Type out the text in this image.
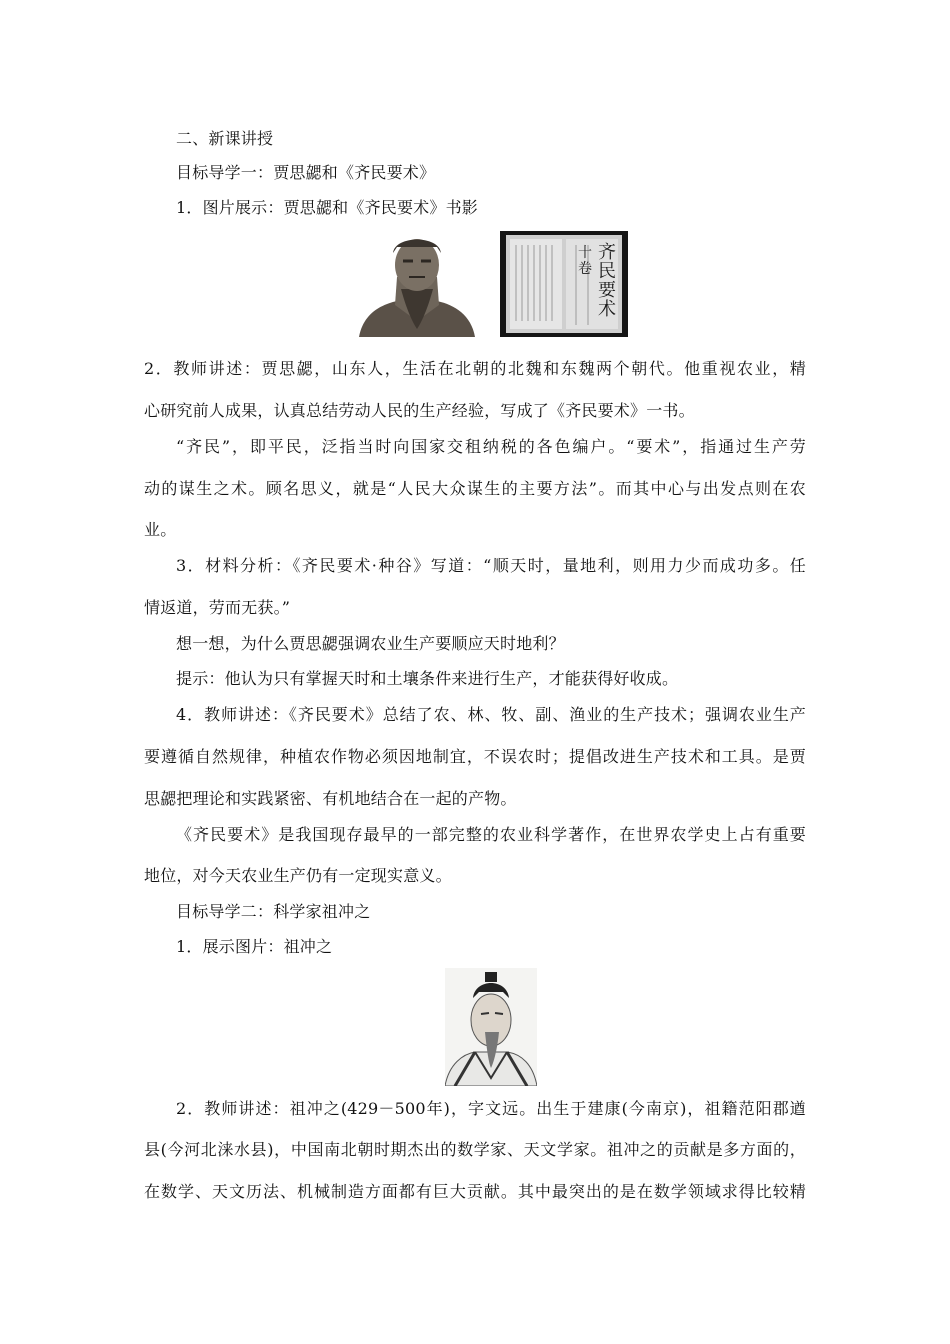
二、新课讲授
目标导学一：贾思勰和《齐民要术》
1．图片展示：贾思勰和《齐民要术》书影
齐民要术
十卷
2．教师讲述：贾思勰，山东人，生活在北朝的北魏和东魏两个朝代。他重视农业，精
心研究前人成果，认真总结劳动人民的生产经验，写成了《齐民要术》一书。
“齐民”，即平民，泛指当时向国家交租纳税的各色编户。“要术”，指通过生产劳
动的谋生之术。顾名思义，就是“人民大众谋生的主要方法”。而其中心与出发点则在农
业。
3．材料分析：《齐民要术·种谷》写道：“顺天时，量地利，则用力少而成功多。任
情返道，劳而无获。”
想一想，为什么贾思勰强调农业生产要顺应天时地利？
提示：他认为只有掌握天时和土壤条件来进行生产，才能获得好收成。
4．教师讲述：《齐民要术》总结了农、林、牧、副、渔业的生产技术；强调农业生产
要遵循自然规律，种植农作物必须因地制宜，不误农时；提倡改进生产技术和工具。是贾
思勰把理论和实践紧密、有机地结合在一起的产物。
《齐民要术》是我国现存最早的一部完整的农业科学著作，在世界农学史上占有重要
地位，对今天农业生产仍有一定现实意义。
目标导学二：科学家祖冲之
1．展示图片：祖冲之
2．教师讲述：祖冲之(429－500年)，字文远。出生于建康(今南京)，祖籍范阳郡遒
县(今河北涞水县)，中国南北朝时期杰出的数学家、天文学家。祖冲之的贡献是多方面的，
在数学、天文历法、机械制造方面都有巨大贡献。其中最突出的是在数学领域求得比较精
